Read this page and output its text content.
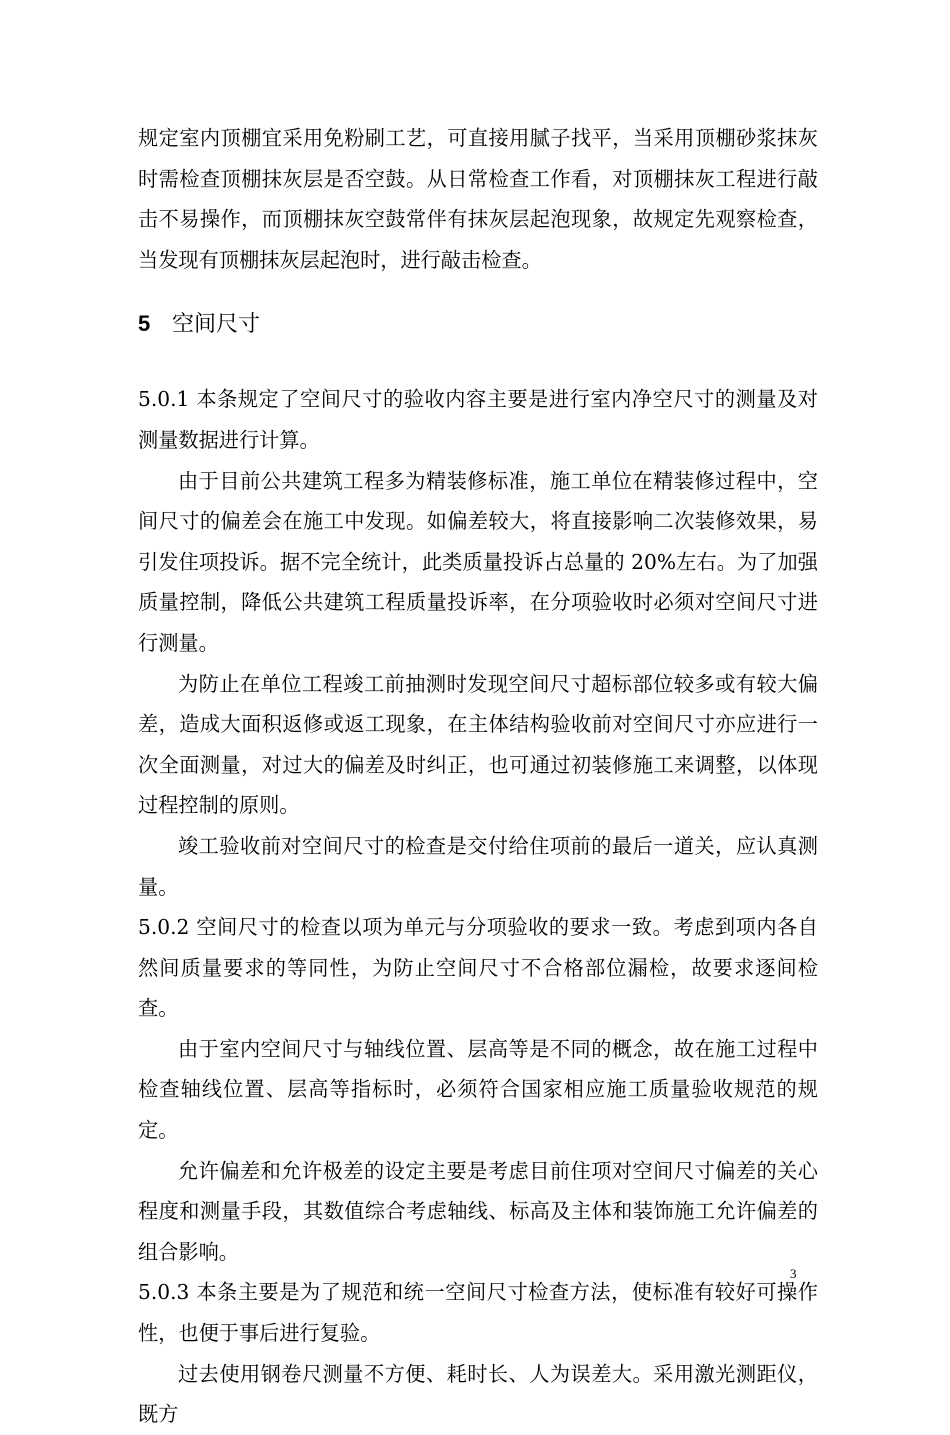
规定室内顶棚宜采用免粉刷工艺，可直接用腻子找平，当采用顶棚砂浆抹灰时需检查顶棚抹灰层是否空鼓。从日常检查工作看，对顶棚抹灰工程进行敲击不易操作，而顶棚抹灰空鼓常伴有抹灰层起泡现象，故规定先观察检查，当发现有顶棚抹灰层起泡时，进行敲击检查。

5 空间尺寸

5.0.1 本条规定了空间尺寸的验收内容主要是进行室内净空尺寸的测量及对测量数据进行计算。

由于目前公共建筑工程多为精装修标准，施工单位在精装修过程中，空间尺寸的偏差会在施工中发现。如偏差较大，将直接影响二次装修效果，易引发住项投诉。据不完全统计，此类质量投诉占总量的 20%左右。为了加强质量控制，降低公共建筑工程质量投诉率，在分项验收时必须对空间尺寸进行测量。

为防止在单位工程竣工前抽测时发现空间尺寸超标部位较多或有较大偏差，造成大面积返修或返工现象，在主体结构验收前对空间尺寸亦应进行一次全面测量，对过大的偏差及时纠正，也可通过初装修施工来调整，以体现过程控制的原则。

竣工验收前对空间尺寸的检查是交付给住项前的最后一道关，应认真测量。

5.0.2 空间尺寸的检查以项为单元与分项验收的要求一致。考虑到项内各自然间质量要求的等同性，为防止空间尺寸不合格部位漏检，故要求逐间检查。

由于室内空间尺寸与轴线位置、层高等是不同的概念，故在施工过程中检查轴线位置、层高等指标时，必须符合国家相应施工质量验收规范的规定。

允许偏差和允许极差的设定主要是考虑目前住项对空间尺寸偏差的关心程度和测量手段，其数值综合考虑轴线、标高及主体和装饰施工允许偏差的组合影响。

5.0.3 本条主要是为了规范和统一空间尺寸检查方法，使标准有较好可操作性，也便于事后进行复验。

过去使用钢卷尺测量不方便、耗时长、人为误差大。采用激光测距仪，既方

3
